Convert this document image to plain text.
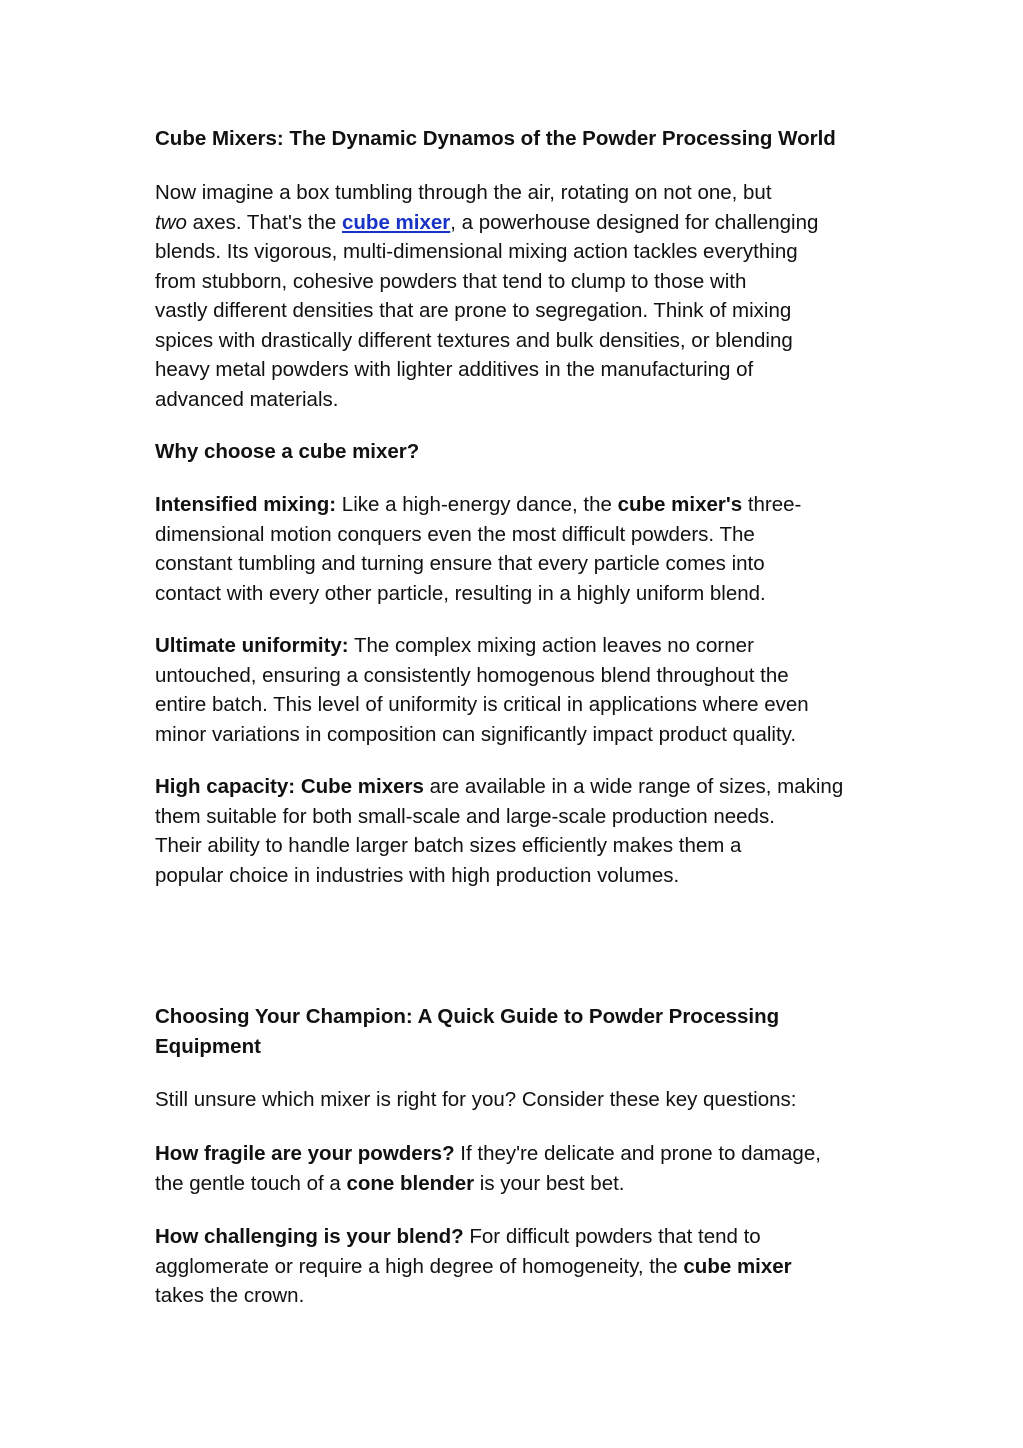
Cube Mixers: The Dynamic Dynamos of the Powder Processing World
Now imagine a box tumbling through the air, rotating on not one, but
two axes. That's the cube mixer, a powerhouse designed for challenging
blends. Its vigorous, multi-dimensional mixing action tackles everything
from stubborn, cohesive powders that tend to clump to those with
vastly different densities that are prone to segregation. Think of mixing
spices with drastically different textures and bulk densities, or blending
heavy metal powders with lighter additives in the manufacturing of
advanced materials.
Why choose a cube mixer?
Intensified mixing: Like a high-energy dance, the cube mixer's three-
dimensional motion conquers even the most difficult powders. The
constant tumbling and turning ensure that every particle comes into
contact with every other particle, resulting in a highly uniform blend.
Ultimate uniformity: The complex mixing action leaves no corner
untouched, ensuring a consistently homogenous blend throughout the
entire batch. This level of uniformity is critical in applications where even
minor variations in composition can significantly impact product quality.
High capacity: Cube mixers are available in a wide range of sizes, making
them suitable for both small-scale and large-scale production needs.
Their ability to handle larger batch sizes efficiently makes them a
popular choice in industries with high production volumes.
Choosing Your Champion: A Quick Guide to Powder Processing
Equipment
Still unsure which mixer is right for you? Consider these key questions:
How fragile are your powders? If they're delicate and prone to damage,
the gentle touch of a cone blender is your best bet.
How challenging is your blend? For difficult powders that tend to
agglomerate or require a high degree of homogeneity, the cube mixer
takes the crown.
